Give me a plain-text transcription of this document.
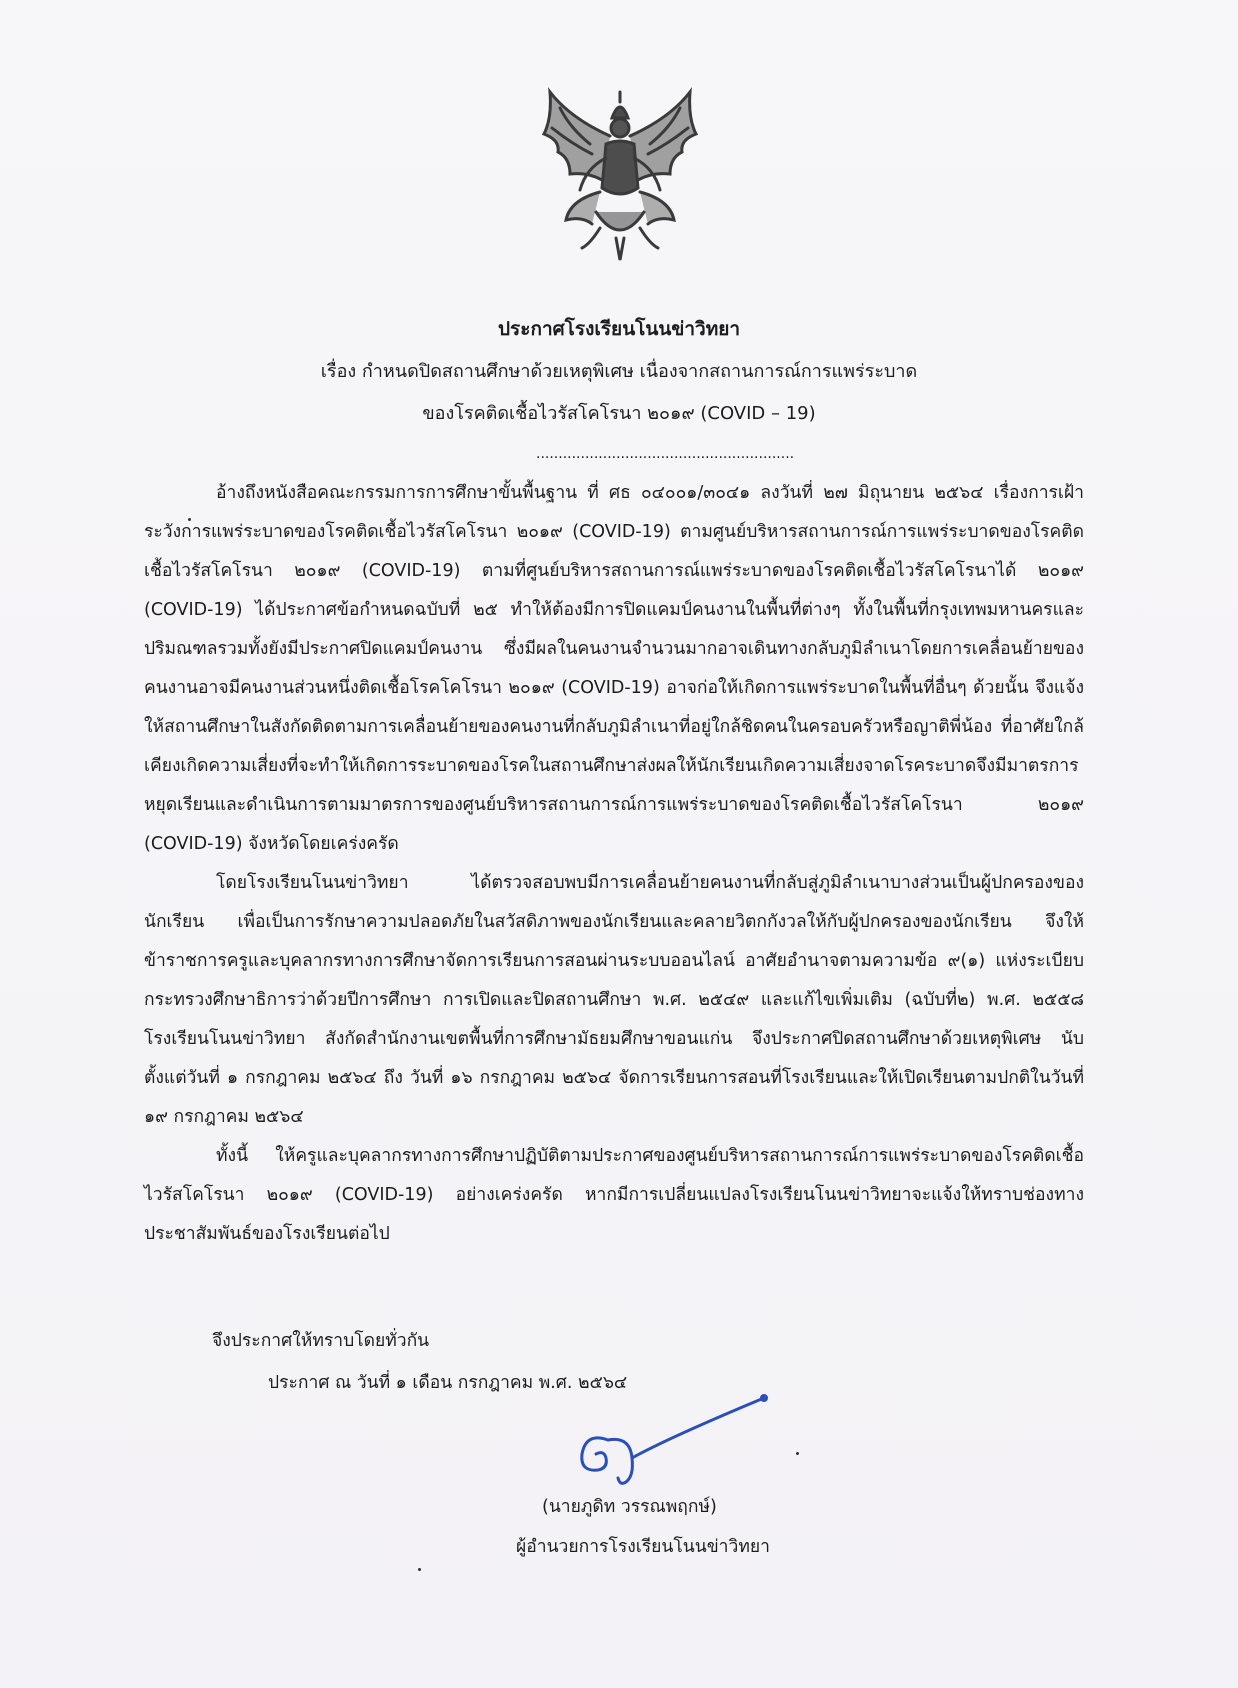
ประกาศโรงเรียนโนนข่าวิทยา

เรื่อง กำหนดปิดสถานศึกษาด้วยเหตุพิเศษ เนื่องจากสถานการณ์การแพร่ระบาด

ของโรคติดเชื้อไวรัสโคโรนา ๒๐๑๙ (COVID – 19)

..........................................................

อ้างถึงหนังสือคณะกรรมการการศึกษาขั้นพื้นฐาน ที่ ศธ ๐๔๐๐๑/๓๐๔๑ ลงวันที่ ๒๗ มิถุนายน ๒๕๖๔ เรื่องการเฝ้าระวังการแพร่ระบาดของโรคติดเชื้อไวรัสโคโรนา ๒๐๑๙ (COVID-19) ตามศูนย์บริหารสถานการณ์การแพร่ระบาดของโรคติดเชื้อไวรัสโคโรนา ๒๐๑๙ (COVID-19) ตามที่ศูนย์บริหารสถานการณ์แพร่ระบาดของโรคติดเชื้อไวรัสโคโรนาได้ ๒๐๑๙ (COVID-19) ได้ประกาศข้อกำหนดฉบับที่ ๒๕ ทำให้ต้องมีการปิดแคมป์คนงานในพื้นที่ต่างๆ ทั้งในพื้นที่กรุงเทพมหานครและปริมณฑลรวมทั้งยังมีประกาศปิดแคมป์คนงาน ซึ่งมีผลในคนงานจำนวนมากอาจเดินทางกลับภูมิลำเนาโดยการเคลื่อนย้ายของคนงานอาจมีคนงานส่วนหนึ่งติดเชื้อโรคโคโรนา ๒๐๑๙ (COVID-19) อาจก่อให้เกิดการแพร่ระบาดในพื้นที่อื่นๆ ด้วยนั้น จึงแจ้งให้สถานศึกษาในสังกัดติดตามการเคลื่อนย้ายของคนงานที่กลับภูมิลำเนาที่อยู่ใกล้ชิดคนในครอบครัวหรือญาติพี่น้อง ที่อาศัยใกล้เคียงเกิดความเสี่ยงที่จะทำให้เกิดการระบาดของโรคในสถานศึกษาส่งผลให้นักเรียนเกิดความเสี่ยงจาดโรคระบาดจึงมีมาตรการหยุดเรียนและดำเนินการตามมาตรการของศูนย์บริหารสถานการณ์การแพร่ระบาดของโรคติดเชื้อไวรัสโคโรนา ๒๐๑๙ (COVID-19) จังหวัดโดยเคร่งครัด

โดยโรงเรียนโนนข่าวิทยา ได้ตรวจสอบพบมีการเคลื่อนย้ายคนงานที่กลับสู่ภูมิลำเนาบางส่วนเป็นผู้ปกครองของนักเรียน เพื่อเป็นการรักษาความปลอดภัยในสวัสดิภาพของนักเรียนและคลายวิตกกังวลให้กับผู้ปกครองของนักเรียน จึงให้ข้าราชการครูและบุคลากรทางการศึกษาจัดการเรียนการสอนผ่านระบบออนไลน์ อาศัยอำนาจตามความข้อ ๙(๑) แห่งระเบียบกระทรวงศึกษาธิการว่าด้วยปีการศึกษา การเปิดและปิดสถานศึกษา พ.ศ. ๒๕๔๙ และแก้ไขเพิ่มเติม (ฉบับที่๒) พ.ศ. ๒๕๕๘ โรงเรียนโนนข่าวิทยา สังกัดสำนักงานเขตพื้นที่การศึกษามัธยมศึกษาขอนแก่น จึงประกาศปิดสถานศึกษาด้วยเหตุพิเศษ นับตั้งแต่วันที่ ๑ กรกฎาคม ๒๕๖๔ ถึง วันที่ ๑๖ กรกฎาคม ๒๕๖๔ จัดการเรียนการสอนที่โรงเรียนและให้เปิดเรียนตามปกติในวันที่ ๑๙ กรกฎาคม ๒๕๖๔

ทั้งนี้ ให้ครูและบุคลากรทางการศึกษาปฏิบัติตามประกาศของศูนย์บริหารสถานการณ์การแพร่ระบาดของโรคติดเชื้อไวรัสโคโรนา ๒๐๑๙ (COVID-19) อย่างเคร่งครัด หากมีการเปลี่ยนแปลงโรงเรียนโนนข่าวิทยาจะแจ้งให้ทราบช่องทางประชาสัมพันธ์ของโรงเรียนต่อไป

จึงประกาศให้ทราบโดยทั่วกัน

ประกาศ ณ วันที่ ๑ เดือน กรกฎาคม พ.ศ. ๒๕๖๔

(นายภูดิท วรรณพฤกษ์)

ผู้อำนวยการโรงเรียนโนนข่าวิทยา
